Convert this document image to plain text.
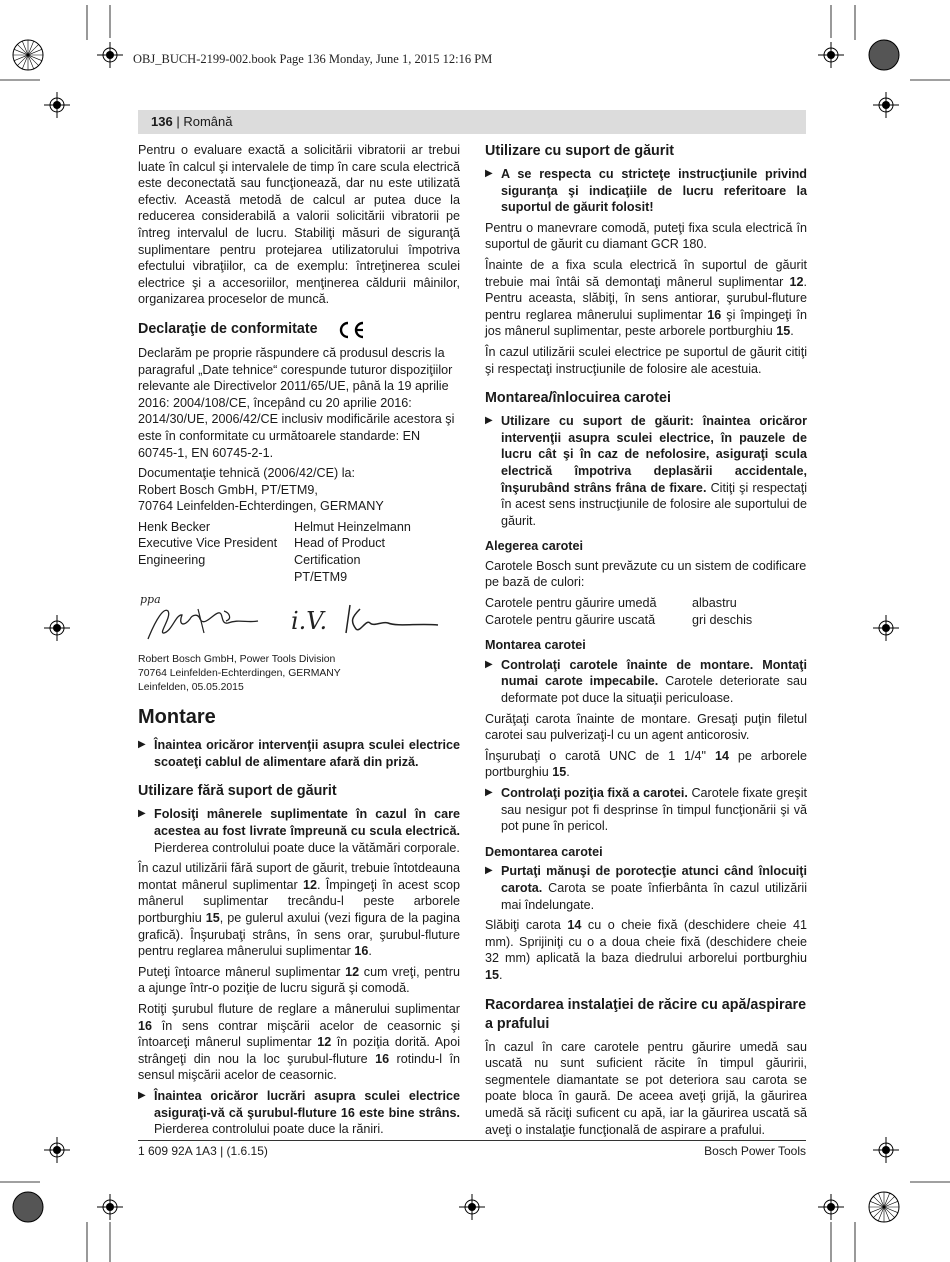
OBJ_BUCH-2199-002.book Page 136 Monday, June 1, 2015 12:16 PM
136 | Română

Pentru o evaluare exactă a solicitării vibratorii ar trebui luate în calcul şi intervalele de timp în care scula electrică este deconectată sau funcţionează, dar nu este utilizată efectiv. Această metodă de calcul ar putea duce la reducerea considerabilă a valorii solicitării vibratorii pe întreg intervalul de lucru. Stabiliţi măsuri de siguranţă suplimentare pentru protejarea utilizatorului împotriva efectului vibraţiilor, ca de exemplu: întreţinerea sculei electrice şi a accesoriilor, menţinerea căldurii mâinilor, organizarea proceselor de muncă.

Declaraţie de conformitate

Declarăm pe proprie răspundere că produsul descris la paragraful „Date tehnice“ corespunde tuturor dispoziţiilor relevante ale Directivelor 2011/65/UE, până la 19 aprilie 2016: 2004/108/CE, începând cu 20 aprilie 2016: 2014/30/UE, 2006/42/CE inclusiv modificările acestora şi este în conformitate cu următoarele standarde: EN 60745-1, EN 60745-2-1.

Documentaţie tehnică (2006/42/CE) la:
Robert Bosch GmbH, PT/ETM9,
70764 Leinfelden-Echterdingen, GERMANY
Henk Becker
Executive Vice President
Engineering
Helmut Heinzelmann
Head of Product Certification
PT/ETM9
ppa
i.V.
Robert Bosch GmbH, Power Tools Division
70764 Leinfelden-Echterdingen, GERMANY
Leinfelden, 05.05.2015
Montare
▶ Înaintea oricăror intervenţii asupra sculei electrice scoateţi cablul de alimentare afară din priză.
Utilizare fără suport de găurit
▶ Folosiţi mânerele suplimentate în cazul în care acestea au fost livrate împreună cu scula electrică. Pierderea controlului poate duce la vătămări corporale.

În cazul utilizării fără suport de găurit, trebuie întotdeauna montat mânerul suplimentar 12. Împingeţi în acest scop mânerul suplimentar trecându-l peste arborele portburghiu 15, pe gulerul axului (vezi figura de la pagina grafică). Înşurubaţi strâns, în sens orar, şurubul-fluture pentru reglarea mânerului suplimentar 16.

Puteţi întoarce mânerul suplimentar 12 cum vreţi, pentru a ajunge într-o poziţie de lucru sigură şi comodă.

Rotiţi şurubul fluture de reglare a mânerului suplimentar 16 în sens contrar mişcării acelor de ceasornic şi întoarceţi mânerul suplimentar 12 în poziţia dorită. Apoi strângeţi din nou la loc şurubul-fluture 16 rotindu-l în sensul mişcării acelor de ceasornic.

▶ Înaintea oricăror lucrări asupra sculei electrice asiguraţi-vă că şurubul-fluture 16 este bine strâns. Pierderea controlului poate duce la răniri.
Utilizare cu suport de găurit
▶ A se respecta cu stricteţe instrucţiunile privind siguranţa şi indicaţiile de lucru referitoare la suportul de găurit folosit!

Pentru o manevrare comodă, puteţi fixa scula electrică în suportul de găurit cu diamant GCR 180.

Înainte de a fixa scula electrică în suportul de găurit trebuie mai întâi să demontaţi mânerul suplimentar 12. Pentru aceasta, slăbiţi, în sens antiorar, şurubul-fluture pentru reglarea mânerului suplimentar 16 şi împingeţi în jos mânerul suplimentar, peste arborele portburghiu 15.

În cazul utilizării sculei electrice pe suportul de găurit citiţi şi respectaţi instrucţiunile de folosire ale acestuia.

Montarea/înlocuirea carotei
▶ Utilizare cu suport de găurit: înaintea oricăror intervenţii asupra sculei electrice, în pauzele de lucru cât şi în caz de nefolosire, asiguraţi scula electrică împotriva deplasării accidentale, înşurubând strâns frâna de fixare. Citiţi şi respectaţi în acest sens instrucţiunile de folosire ale suportului de găurit.
Alegerea carotei

Carotele Bosch sunt prevăzute cu un sistem de codificare pe bază de culori:

Carotele pentru găurire umedă	albastru
Carotele pentru găurire uscată	gri deschis
Montarea carotei
▶ Controlaţi carotele înainte de montare. Montaţi numai carote impecabile. Carotele deteriorate sau deformate pot duce la situaţii periculoase.

Curăţaţi carota înainte de montare. Gresaţi puţin filetul carotei sau pulverizaţi-l cu un agent anticorosiv.

Înşurubaţi o carotă UNC de 1 1/4" 14 pe arborele portburghiu 15.

▶ Controlaţi poziţia fixă a carotei. Carotele fixate greşit sau nesigur pot fi desprinse în timpul funcţionării şi vă pot pune în pericol.
Demontarea carotei
▶ Purtaţi mănuşi de porotecţie atunci când înlocuiţi carota. Carota se poate înfierbânta în cazul utilizării mai îndelungate.

Slăbiţi carota 14 cu o cheie fixă (deschidere cheie 41 mm). Sprijiniţi cu o a doua cheie fixă (deschidere cheie 32 mm) aplicată la baza diedrului arborelui portburghiu 15.

Racordarea instalaţiei de răcire cu apă/aspirare a prafului

În cazul în care carotele pentru găurire umedă sau uscată nu sunt suficient răcite în timpul găuririi, segmentele diamantate se pot deteriora sau carota se poate bloca în gaură. De aceea aveţi grijă, la găurirea umedă să răciţi suficent cu apă, iar la găurirea uscată să aveţi o instalaţie funcţională de aspirare a prafului.

1 609 92A 1A3 | (1.6.15)	Bosch Power Tools
